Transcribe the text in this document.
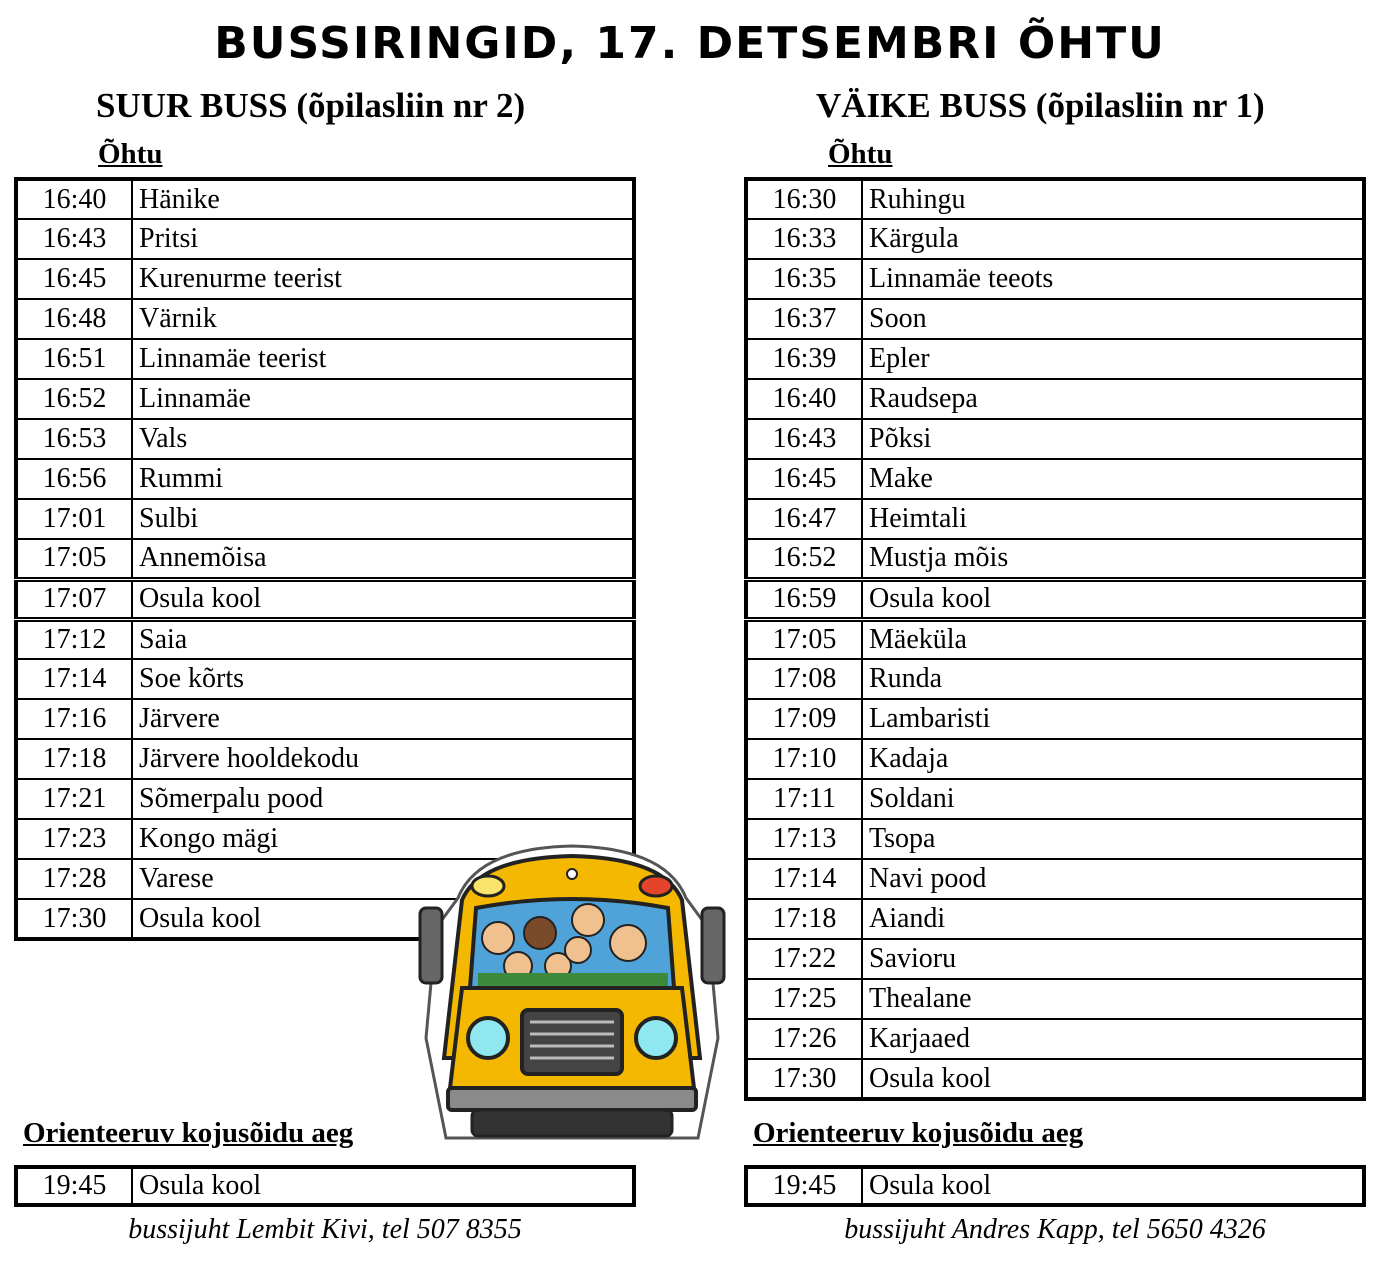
BUSSIRINGID, 17. DETSEMBRI ÕHTU
SUUR BUSS (õpilasliin nr 2)
Õhtu
16:40	Hänike
16:43	Pritsi
16:45	Kurenurme teerist
16:48	Värnik
16:51	Linnamäe teerist
16:52	Linnamäe
16:53	Vals
16:56	Rummi
17:01	Sulbi
17:05	Annemõisa
17:07	Osula kool
17:12	Saia
17:14	Soe kõrts
17:16	Järvere
17:18	Järvere hooldekodu
17:21	Sõmerpalu pood
17:23	Kongo mägi
17:28	Varese
17:30	Osula kool
Orienteeruv kojusõidu aeg
19:45	Osula kool
bussijuht Lembit Kivi, tel 507 8355
VÄIKE BUSS (õpilasliin nr 1)
Õhtu
16:30	Ruhingu
16:33	Kärgula
16:35	Linnamäe teeots
16:37	Soon
16:39	Epler
16:40	Raudsepa
16:43	Põksi
16:45	Make
16:47	Heimtali
16:52	Mustja mõis
16:59	Osula kool
17:05	Mäeküla
17:08	Runda
17:09	Lambaristi
17:10	Kadaja
17:11	Soldani
17:13	Tsopa
17:14	Navi pood
17:18	Aiandi
17:22	Savioru
17:25	Thealane
17:26	Karjaaed
17:30	Osula kool
Orienteeruv kojusõidu aeg
19:45	Osula kool
bussijuht Andres Kapp, tel 5650 4326
